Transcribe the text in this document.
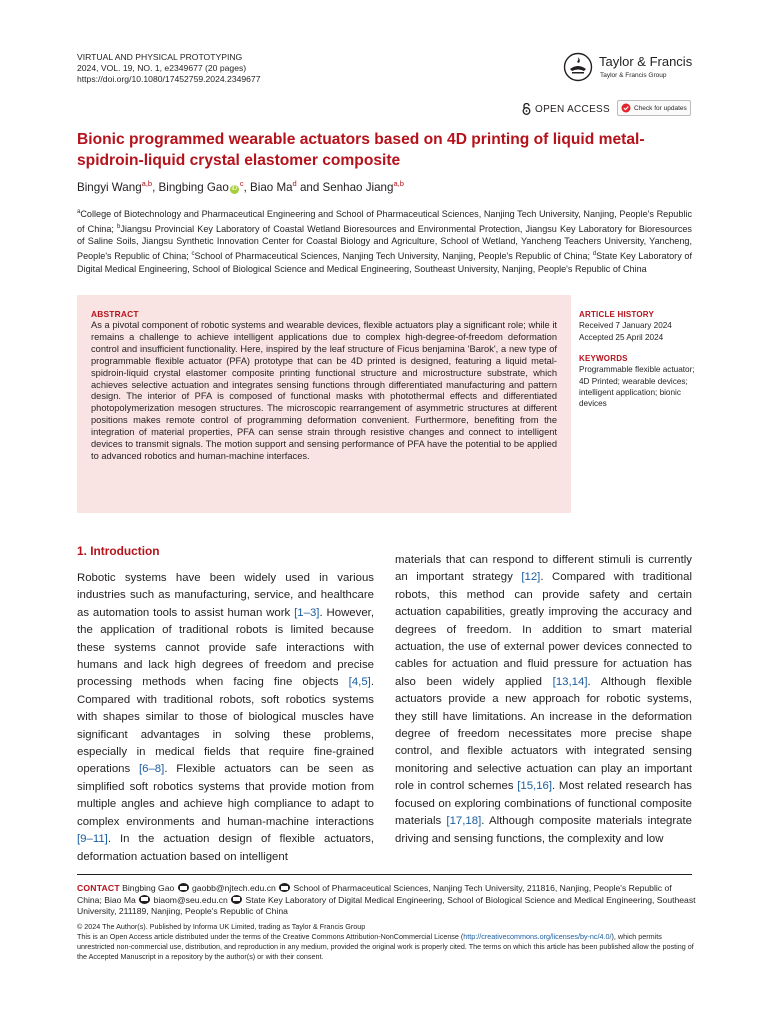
VIRTUAL AND PHYSICAL PROTOTYPING
2024, VOL. 19, NO. 1, e2349677 (20 pages)
https://doi.org/10.1080/17452759.2024.2349677
Taylor & Francis
Taylor & Francis Group
OPEN ACCESS	Check for updates
Bionic programmed wearable actuators based on 4D printing of liquid metal-spidroin-liquid crystal elastomer composite
Bingyi Wang$^{a,b}$, Bingbing Gao $iD^c$, Biao Ma$^d$ and Senhao Jiang$^{a,b}$
$^a$College of Biotechnology and Pharmaceutical Engineering and School of Pharmaceutical Sciences, Nanjing Tech University, Nanjing, People's Republic of China; $^b$Jiangsu Provincial Key Laboratory of Coastal Wetland Bioresources and Environmental Protection, Jiangsu Key Laboratory for Bioresources of Saline Soils, Jiangsu Synthetic Innovation Center for Coastal Biology and Agriculture, School of Wetland, Yancheng Teachers University, Yancheng, People's Republic of China; $^c$School of Pharmaceutical Sciences, Nanjing Tech University, Nanjing, People's Republic of China; $^d$State Key Laboratory of Digital Medical Engineering, School of Biological Science and Medical Engineering, Southeast University, Nanjing, People's Republic of China
ABSTRACT
As a pivotal component of robotic systems and wearable devices, flexible actuators play a significant role; while it remains a challenge to achieve intelligent applications due to complex high-degree-of-freedom deformation control and insufficient functionality. Here, inspired by the leaf structure of Ficus benjamina 'Barok', a new type of programmable flexible actuator (PFA) prototype that can be 4D printed is designed, featuring a liquid metal-spidroin-liquid crystal elastomer composite printing functional structure and microstructure substrate, which achieves selective actuation and integrates sensing functions through differentiated manufacturing and pattern design. The interior of PFA is composed of functional masks with photothermal effects and differentiated photopolymerization mesogen structures. The microscopic rearrangement of asymmetric structures at different positions makes remote control of programming deformation convenient. Furthermore, benefiting from the integration of material properties, PFA can sense strain through resistive changes and connect to intelligent devices to transmit signals. The motion support and sensing performance of PFA have the potential to be applied to advanced robotics and human-machine interfaces.
ARTICLE HISTORY
Received 7 January 2024
Accepted 25 April 2024
KEYWORDS
Programmable flexible actuator; 4D Printed; wearable devices; intelligent application; bionic devices
1. Introduction
Robotic systems have been widely used in various industries such as manufacturing, service, and healthcare as automation tools to assist human work [1–3]. However, the application of traditional robots is limited because these systems cannot provide safe interactions with humans and lack high degrees of freedom and precise processing methods when facing fine objects [4,5]. Compared with traditional robots, soft robotics systems with shapes similar to those of biological muscles have significant advantages in solving these problems, especially in medical fields that require fine-grained operations [6–8]. Flexible actuators can be seen as simplified soft robotics systems that provide motion from multiple angles and achieve high compliance to adapt to complex environments and human-machine interactions [9–11]. In the actuation design of flexible actuators, deformation actuation based on intelligent
materials that can respond to different stimuli is currently an important strategy [12]. Compared with traditional robots, this method can provide safety and certain actuation capabilities, greatly improving the accuracy and degrees of freedom. In addition to smart material actuation, the use of external power devices connected to cables for actuation and fluid pressure for actuation has also been widely applied [13,14]. Although flexible actuators provide a new approach for robotic systems, they still have limitations. An increase in the deformation degree of freedom necessitates more precise shape control, and flexible actuators with integrated sensing monitoring and selective actuation can play an important role in control schemes [15,16]. Most related research has focused on exploring combinations of functional composite materials [17,18]. Although composite materials integrate driving and sensing functions, the complexity and low
CONTACT Bingbing Gao  gaobb@njtech.edu.cn  School of Pharmaceutical Sciences, Nanjing Tech University, 211816, Nanjing, People's Republic of China; Biao Ma  biaom@seu.edu.cn  State Key Laboratory of Digital Medical Engineering, School of Biological Science and Medical Engineering, Southeast University, 211189, Nanjing, People's Republic of China
© 2024 The Author(s). Published by Informa UK Limited, trading as Taylor & Francis Group
This is an Open Access article distributed under the terms of the Creative Commons Attribution-NonCommercial License (http://creativecommons.org/licenses/by-nc/4.0/), which permits unrestricted non-commercial use, distribution, and reproduction in any medium, provided the original work is properly cited. The terms on which this article has been published allow the posting of the Accepted Manuscript in a repository by the author(s) or with their consent.
